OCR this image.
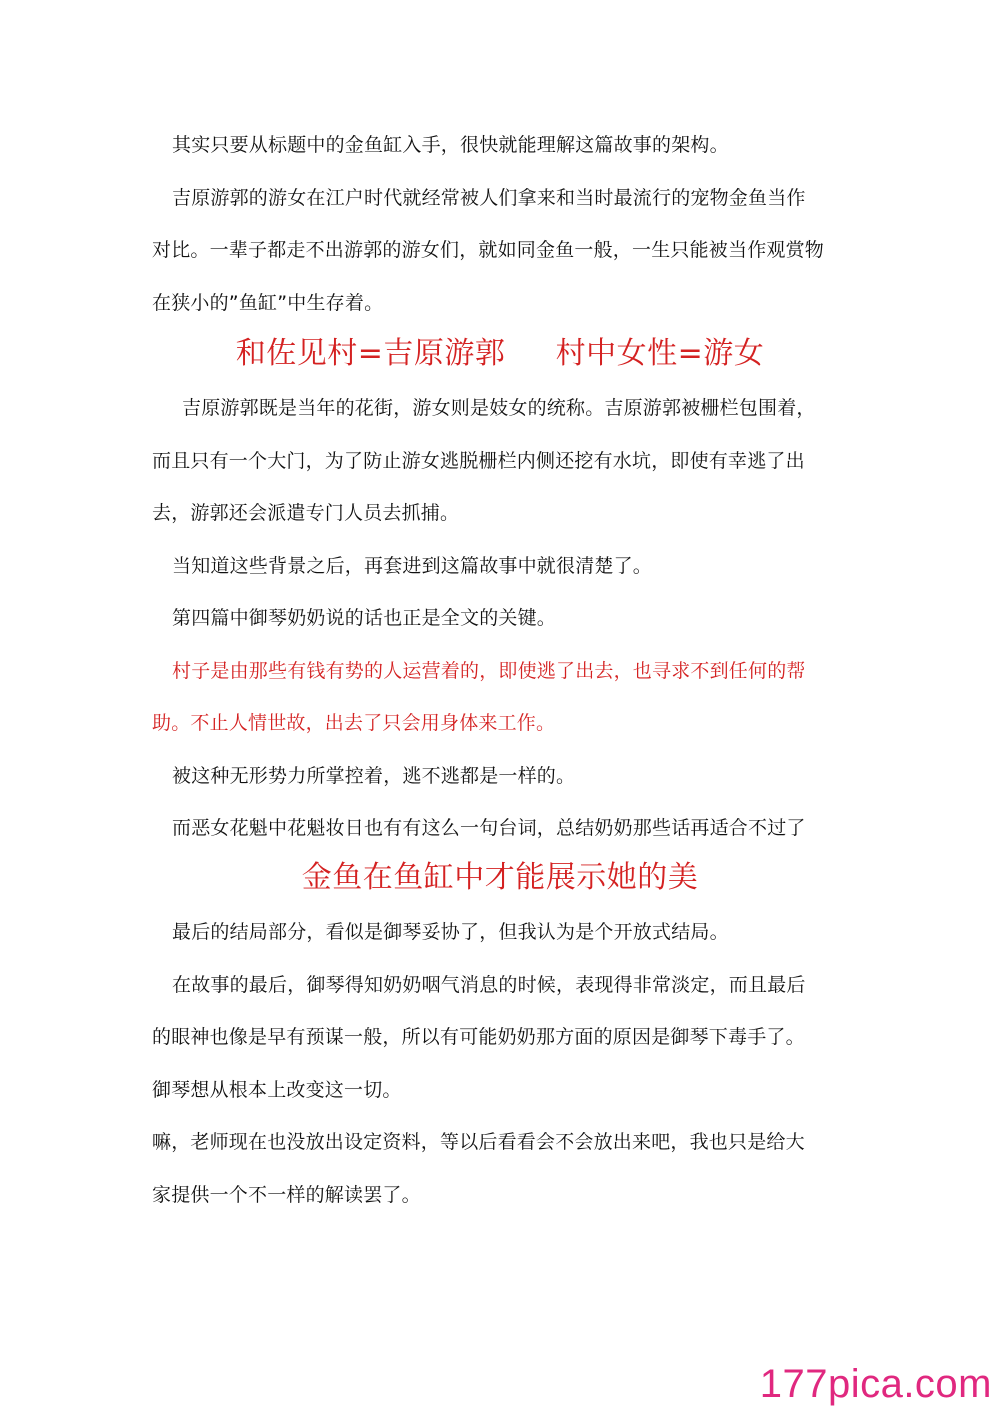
其实只要从标题中的金鱼缸入手，很快就能理解这篇故事的架构。
吉原游郭的游女在江户时代就经常被人们拿来和当时最流行的宠物金鱼当作
对比。一辈子都走不出游郭的游女们，就如同金鱼一般，一生只能被当作观赏物
在狭小的”鱼缸”中生存着。
和佐见村=吉原游郭     村中女性=游女
吉原游郭既是当年的花街，游女则是妓女的统称。吉原游郭被栅栏包围着，
而且只有一个大门，为了防止游女逃脱栅栏内侧还挖有水坑，即使有幸逃了出
去，游郭还会派遣专门人员去抓捕。
当知道这些背景之后，再套进到这篇故事中就很清楚了。
第四篇中御琴奶奶说的话也正是全文的关键。
村子是由那些有钱有势的人运营着的，即使逃了出去，也寻求不到任何的帮
助。不止人情世故，出去了只会用身体来工作。
被这种无形势力所掌控着，逃不逃都是一样的。
而恶女花魁中花魁妆日也有有这么一句台词，总结奶奶那些话再适合不过了
金鱼在鱼缸中才能展示她的美
最后的结局部分，看似是御琴妥协了，但我认为是个开放式结局。
在故事的最后，御琴得知奶奶咽气消息的时候，表现得非常淡定，而且最后
的眼神也像是早有预谋一般，所以有可能奶奶那方面的原因是御琴下毒手了。
御琴想从根本上改变这一切。
嘛，老师现在也没放出设定资料，等以后看看会不会放出来吧，我也只是给大
家提供一个不一样的解读罢了。
177pica.com
